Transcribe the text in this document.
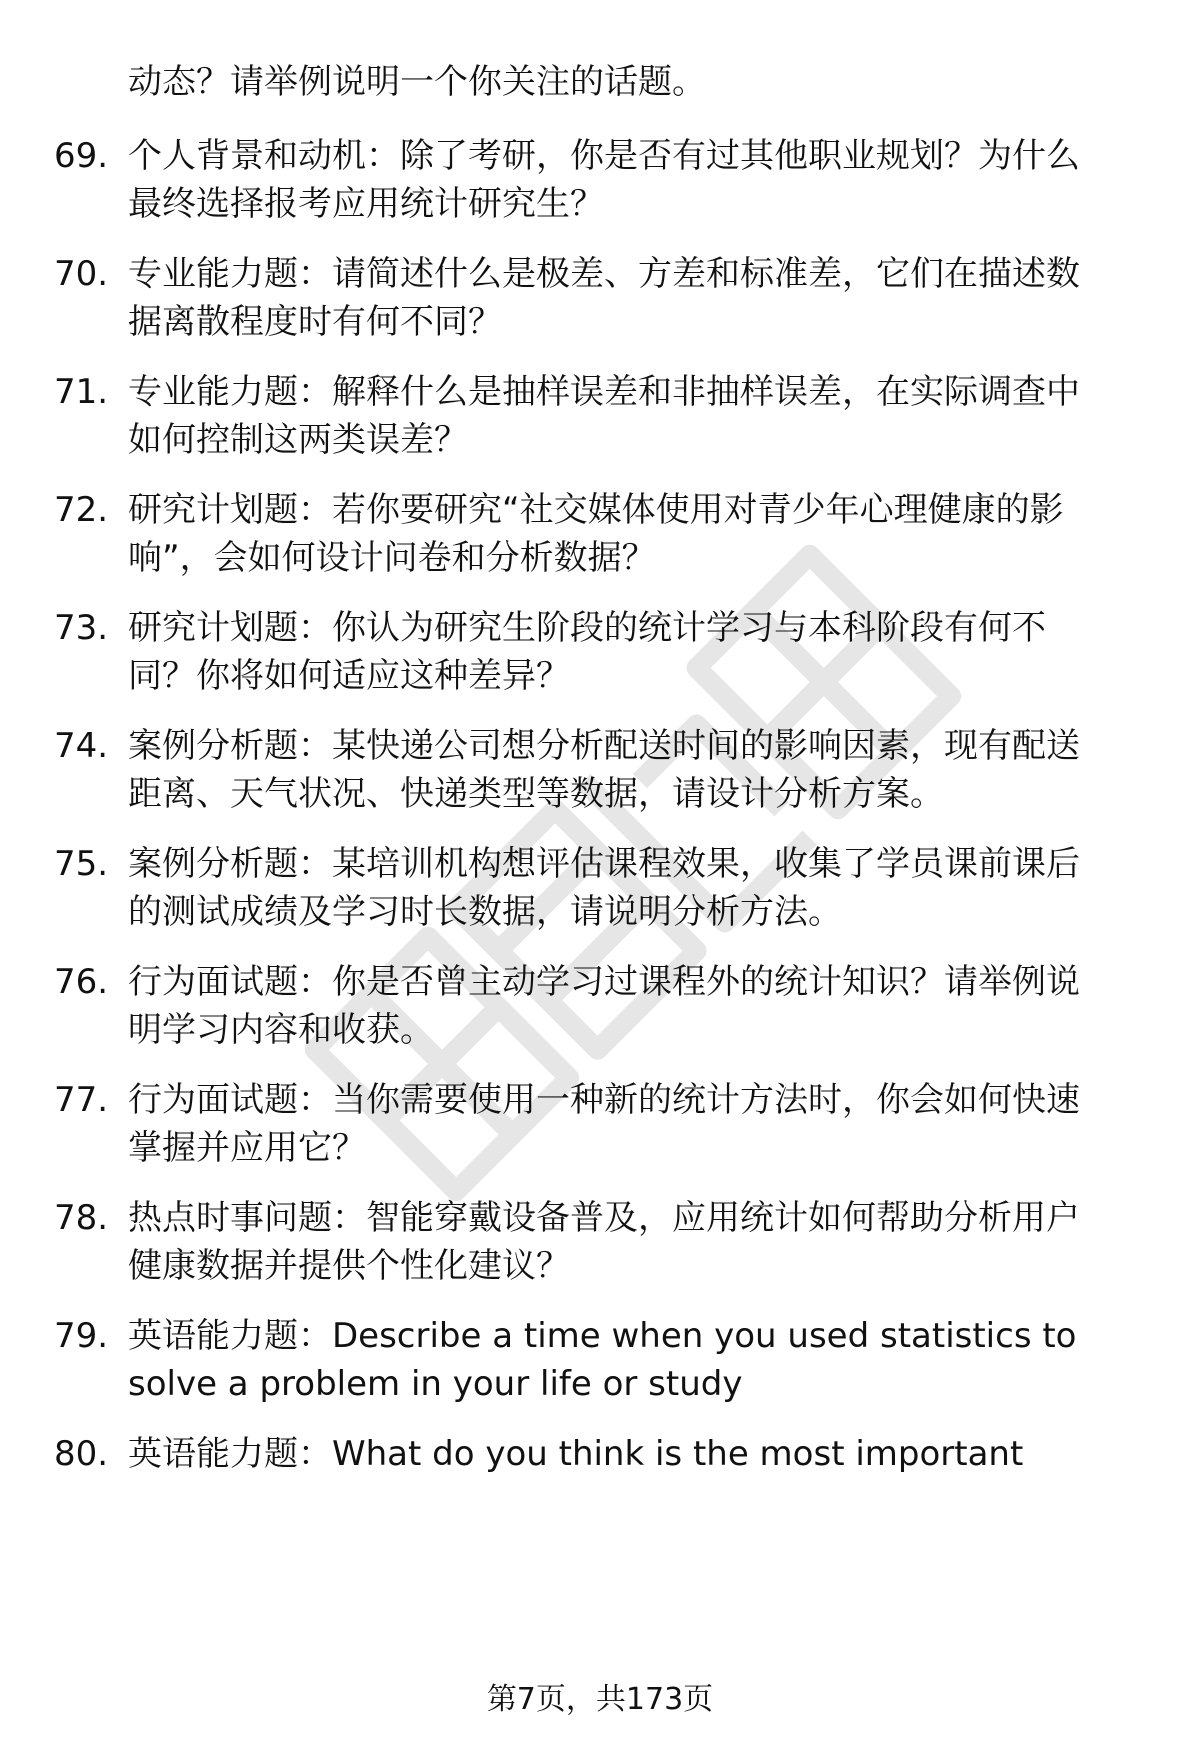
动态？请举例说明一个你关注的话题。
69. 个人背景和动机：除了考研，你是否有过其他职业规划？为什么
最终选择报考应用统计研究生？
70. 专业能力题：请简述什么是极差、方差和标准差，它们在描述数
据离散程度时有何不同？
71. 专业能力题：解释什么是抽样误差和非抽样误差，在实际调查中
如何控制这两类误差？
72. 研究计划题：若你要研究“社交媒体使用对青少年心理健康的影
响”，会如何设计问卷和分析数据？
73. 研究计划题：你认为研究生阶段的统计学习与本科阶段有何不
同？你将如何适应这种差异？
74. 案例分析题：某快递公司想分析配送时间的影响因素，现有配送
距离、天气状况、快递类型等数据，请设计分析方案。
75. 案例分析题：某培训机构想评估课程效果，收集了学员课前课后
的测试成绩及学习时长数据，请说明分析方法。
76. 行为面试题：你是否曾主动学习过课程外的统计知识？请举例说
明学习内容和收获。
77. 行为面试题：当你需要使用一种新的统计方法时，你会如何快速
掌握并应用它？
78. 热点时事问题：智能穿戴设备普及，应用统计如何帮助分析用户
健康数据并提供个性化建议？
79. 英语能力题：Describe a time when you used statistics to
solve a problem in your life or study
80. 英语能力题：What do you think is the most important
第7页，共173页
